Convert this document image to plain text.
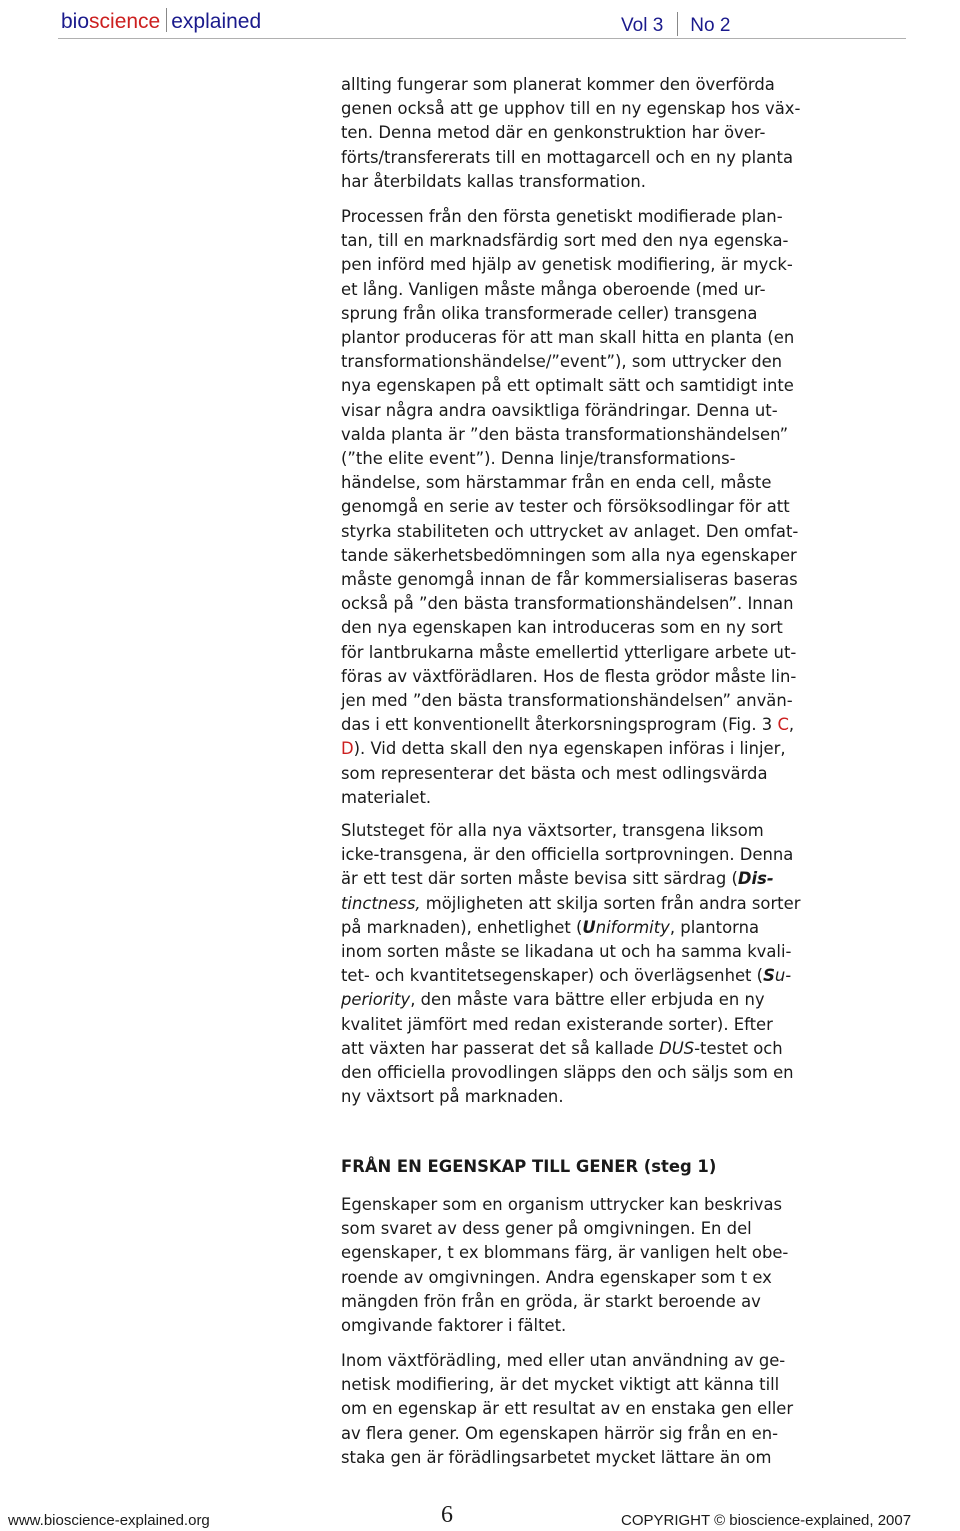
bioscience explained	Vol 3 No 2
allting fungerar som planerat kommer den överförda
genen också att ge upphov till en ny egenskap hos väx-
ten. Denna metod där en genkonstruktion har över-
förts/transfererats till en mottagarcell och en ny planta
har återbildats kallas transformation.
Processen från den första genetiskt modifierade plan-
tan, till en marknadsfärdig sort med den nya egenska-
pen införd med hjälp av genetisk modifiering, är myck-
et lång. Vanligen måste många oberoende (med ur-
sprung från olika transformerade celler) transgena
plantor produceras för att man skall hitta en planta (en
transformationshändelse/”event”), som uttrycker den
nya egenskapen på ett optimalt sätt och samtidigt inte
visar några andra oavsiktliga förändringar. Denna ut-
valda planta är ”den bästa transformationshändelsen”
(”the elite event”). Denna linje/transformations-
händelse, som härstammar från en enda cell, måste
genomgå en serie av tester och försöksodlingar för att
styrka stabiliteten och uttrycket av anlaget. Den omfat-
tande säkerhetsbedömningen som alla nya egenskaper
måste genomgå innan de får kommersialiseras baseras
också på ”den bästa transformationshändelsen”. Innan
den nya egenskapen kan introduceras som en ny sort
för lantbrukarna måste emellertid ytterligare arbete ut-
föras av växtförädlaren. Hos de flesta grödor måste lin-
jen med ”den bästa transformationshändelsen” använ-
das i ett konventionellt återkorsningsprogram (Fig. 3 C,
D). Vid detta skall den nya egenskapen införas i linjer,
som representerar det bästa och mest odlingsvärda
materialet.
Slutsteget för alla nya växtsorter, transgena liksom
icke-transgena, är den officiella sortprovningen. Denna
är ett test där sorten måste bevisa sitt särdrag (Dis-
tinctness, möjligheten att skilja sorten från andra sorter
på marknaden), enhetlighet (Uniformity, plantorna
inom sorten måste se likadana ut och ha samma kvali-
tet- och kvantitetsegenskaper) och överlägsenhet (Su-
periority, den måste vara bättre eller erbjuda en ny
kvalitet jämfört med redan existerande sorter). Efter
att växten har passerat det så kallade DUS-testet och
den officiella provodlingen släpps den och säljs som en
ny växtsort på marknaden.
FRÅN EN EGENSKAP TILL GENER (steg 1)
Egenskaper som en organism uttrycker kan beskrivas
som svaret av dess gener på omgivningen. En del
egenskaper, t ex blommans färg, är vanligen helt obe-
roende av omgivningen. Andra egenskaper som t ex
mängden frön från en gröda, är starkt beroende av
omgivande faktorer i fältet.
Inom växtförädling, med eller utan användning av ge-
netisk modifiering, är det mycket viktigt att känna till
om en egenskap är ett resultat av en enstaka gen eller
av flera gener. Om egenskapen härrör sig från en en-
staka gen är förädlingsarbetet mycket lättare än om
www.bioscience-explained.org	6	COPYRIGHT © bioscience-explained, 2007
